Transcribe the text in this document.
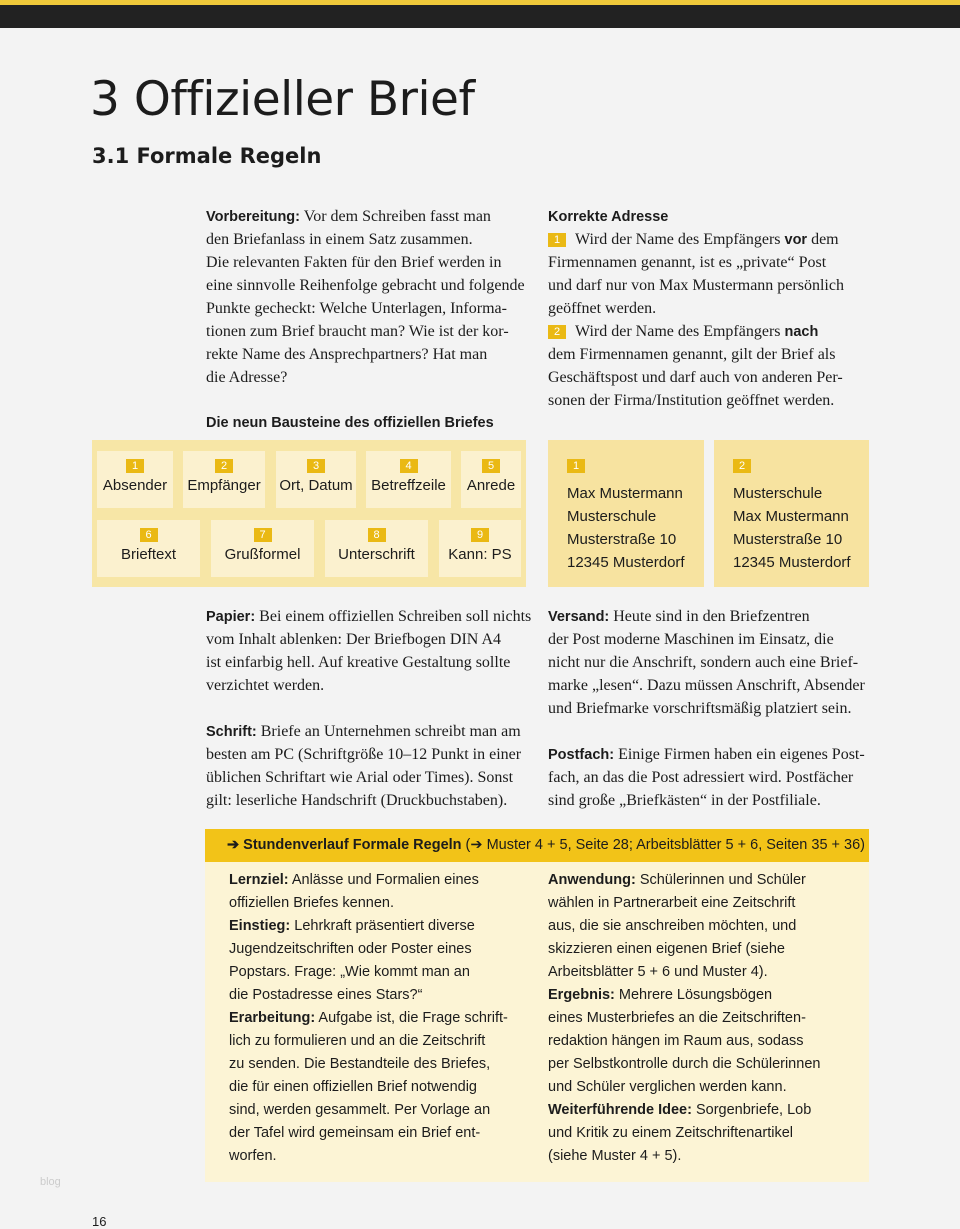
3 Offizieller Brief
3.1 Formale Regeln
Vorbereitung: Vor dem Schreiben fasst man
den Briefanlass in einem Satz zusammen.
Die relevanten Fakten für den Brief werden in
eine sinnvolle Reihenfolge gebracht und folgende
Punkte gecheckt: Welche Unterlagen, Informa-
tionen zum Brief braucht man? Wie ist der kor-
rekte Name des Ansprechpartners? Hat man
die Adresse?
Korrekte Adresse
1 Wird der Name des Empfängers vor dem
Firmennamen genannt, ist es „private“ Post
und darf nur von Max Mustermann persönlich
geöffnet werden.
2 Wird der Name des Empfängers nach
dem Firmennamen genannt, gilt der Brief als
Geschäftspost und darf auch von anderen Per-
sonen der Firma/Institution geöffnet werden.
Die neun Bausteine des offiziellen Briefes
1
Absender
2
Empfänger
3
Ort, Datum
4
Betreffzeile
5
Anrede
6
Brieftext
7
Grußformel
8
Unterschrift
9
Kann: PS
1
Max Mustermann
Musterschule
Musterstraße 10
12345 Musterdorf
2
Musterschule
Max Mustermann
Musterstraße 10
12345 Musterdorf
Papier: Bei einem offiziellen Schreiben soll nichts
vom Inhalt ablenken: Der Briefbogen DIN A4
ist einfarbig hell. Auf kreative Gestaltung sollte
verzichtet werden.
Schrift: Briefe an Unternehmen schreibt man am
besten am PC (Schriftgröße 10–12 Punkt in einer
üblichen Schriftart wie Arial oder Times). Sonst
gilt: leserliche Handschrift (Druckbuchstaben).
Versand: Heute sind in den Briefzentren
der Post moderne Maschinen im Einsatz, die
nicht nur die Anschrift, sondern auch eine Brief-
marke „lesen“. Dazu müssen Anschrift, Absender
und Briefmarke vorschriftsmäßig platziert sein.
Postfach: Einige Firmen haben ein eigenes Post-
fach, an das die Post adressiert wird. Postfächer
sind große „Briefkästen“ in der Postfiliale.
➔ Stundenverlauf Formale Regeln (➔ Muster 4 + 5, Seite 28; Arbeitsblätter 5 + 6, Seiten 35 + 36)
Lernziel: Anlässe und Formalien eines
offiziellen Briefes kennen.
Einstieg: Lehrkraft präsentiert diverse
Jugendzeitschriften oder Poster eines
Popstars. Frage: „Wie kommt man an
die Postadresse eines Stars?“
Erarbeitung: Aufgabe ist, die Frage schrift-
lich zu formulieren und an die Zeitschrift
zu senden. Die Bestandteile des Briefes,
die für einen offiziellen Brief notwendig
sind, werden gesammelt. Per Vorlage an
der Tafel wird gemeinsam ein Brief ent-
worfen.
Anwendung: Schülerinnen und Schüler
wählen in Partnerarbeit eine Zeitschrift
aus, die sie anschreiben möchten, und
skizzieren einen eigenen Brief (siehe
Arbeitsblätter 5 + 6 und Muster 4).
Ergebnis: Mehrere Lösungsbögen
eines Musterbriefes an die Zeitschriften-
redaktion hängen im Raum aus, sodass
per Selbstkontrolle durch die Schülerinnen
und Schüler verglichen werden kann.
Weiterführende Idee: Sorgenbriefe, Lob
und Kritik zu einem Zeitschriftenartikel
(siehe Muster 4 + 5).
blog
16
